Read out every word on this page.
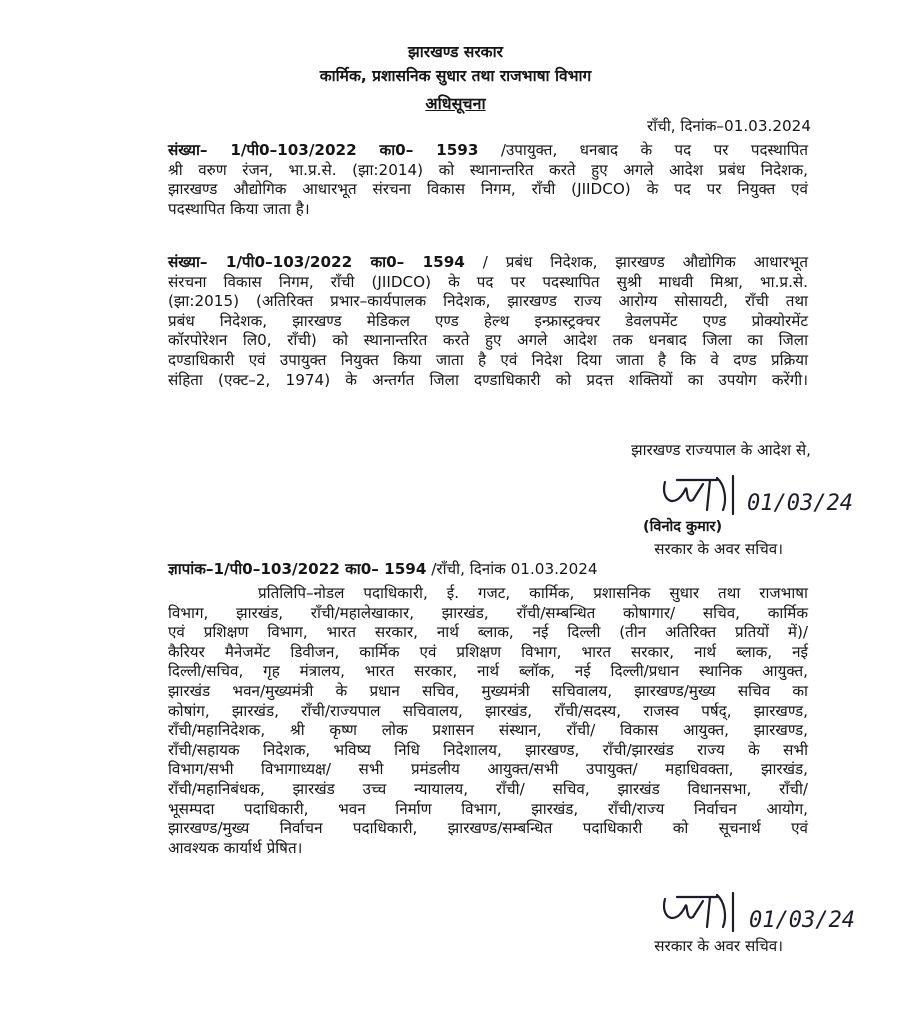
झारखण्ड सरकार
कार्मिक, प्रशासनिक सुधार तथा राजभाषा विभाग
अधिसूचना
राँची, दिनांक–01.03.2024
संख्या– 1/पी0–103/2022 का0– 1593 /उपायुक्त, धनबाद के पद पर पदस्थापित
श्री वरुण रंजन, भा.प्र.से. (झा:2014) को स्थानान्तरित करते हुए अगले आदेश प्रबंध निदेशक,
झारखण्ड औद्योगिक आधारभूत संरचना विकास निगम, राँची (JIIDCO) के पद पर नियुक्त एवं
पदस्थापित किया जाता है।
संख्या– 1/पी0–103/2022 का0– 1594 / प्रबंध निदेशक, झारखण्ड औद्योगिक आधारभूत
संरचना विकास निगम, राँची (JIIDCO) के पद पर पदस्थापित सुश्री माधवी मिश्रा, भा.प्र.से.
(झा:2015) (अतिरिक्त प्रभार–कार्यपालक निदेशक, झारखण्ड राज्य आरोग्य सोसायटी, राँची तथा
प्रबंध निदेशक, झारखण्ड मेडिकल एण्ड हेल्थ इन्फ्रास्ट्रक्चर डेवलपमेंट एण्ड प्रोक्योरमेंट
कॉरपोरेशन लि0, राँची) को स्थानान्तरित करते हुए अगले आदेश तक धनबाद जिला का जिला
दण्डाधिकारी एवं उपायुक्त नियुक्त किया जाता है एवं निदेश दिया जाता है कि वे दण्ड प्रक्रिया
संहिता (एक्ट–2, 1974) के अन्तर्गत जिला दण्डाधिकारी को प्रदत्त शक्तियों का उपयोग करेंगी।
झारखण्ड राज्यपाल के आदेश से,
01/03/24
(विनोद कुमार)
सरकार के अवर सचिव।
ज्ञापांक–1/पी0–103/2022 का0– 1594 /राँची, दिनांक 01.03.2024
प्रतिलिपि–नोडल पदाधिकारी, ई. गजट, कार्मिक, प्रशासनिक सुधार तथा राजभाषा
विभाग, झारखंड, राँची/महालेखाकार, झारखंड, राँची/सम्बन्धित कोषागार/ सचिव, कार्मिक
एवं प्रशिक्षण विभाग, भारत सरकार, नार्थ ब्लाक, नई दिल्ली (तीन अतिरिक्त प्रतियों में)/
कैरियर मैनेजमेंट डिवीजन, कार्मिक एवं प्रशिक्षण विभाग, भारत सरकार, नार्थ ब्लाक, नई
दिल्ली/सचिव, गृह मंत्रालय, भारत सरकार, नार्थ ब्लॉक, नई दिल्ली/प्रधान स्थानिक आयुक्त,
झारखंड भवन/मुख्यमंत्री के प्रधान सचिव, मुख्यमंत्री सचिवालय, झारखण्ड/मुख्य सचिव का
कोषांग, झारखंड, राँची/राज्यपाल सचिवालय, झारखंड, राँची/सदस्य, राजस्व पर्षद्, झारखण्ड,
राँची/महानिदेशक, श्री कृष्ण लोक प्रशासन संस्थान, राँची/ विकास आयुक्त, झारखण्ड,
राँची/सहायक निदेशक, भविष्य निधि निदेशालय, झारखण्ड, राँची/झारखंड राज्य के सभी
विभाग/सभी विभागाध्यक्ष/ सभी प्रमंडलीय आयुक्त/सभी उपायुक्त/ महाधिवक्ता, झारखंड,
राँची/महानिबंधक, झारखंड उच्च न्यायालय, राँची/ सचिव, झारखंड विधानसभा, राँची/
भूसम्पदा पदाधिकारी, भवन निर्माण विभाग, झारखंड, राँची/राज्य निर्वाचन आयोग,
झारखण्ड/मुख्य निर्वाचन पदाधिकारी, झारखण्ड/सम्बन्धित पदाधिकारी को सूचनार्थ एवं
आवश्यक कार्यार्थ प्रेषित।
01/03/24
सरकार के अवर सचिव।
